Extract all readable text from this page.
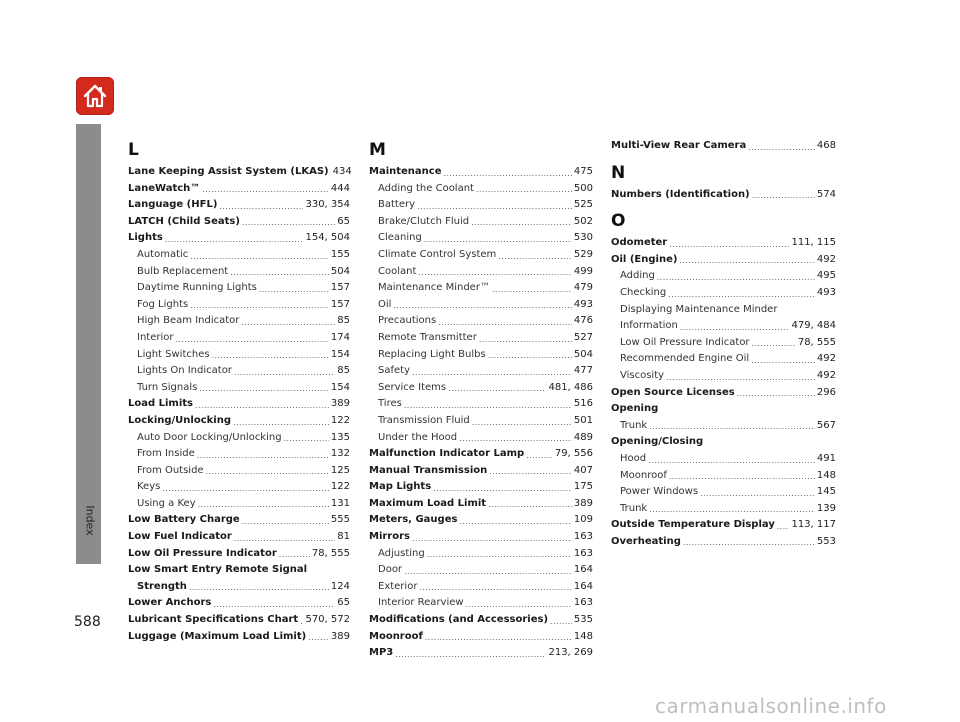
Index
L
Lane Keeping Assist System (LKAS) 434
LaneWatch™ .....	444
Language (HFL) .....	330, 354
LATCH (Child Seats) .....	65
Lights .....	154, 504
Automatic .....	155
Bulb Replacement .....	504
Daytime Running Lights .....	157
Fog Lights .....	157
High Beam Indicator .....	85
Interior .....	174
Light Switches .....	154
Lights On Indicator .....	85
Turn Signals .....	154
Load Limits .....	389
Locking/Unlocking .....	122
Auto Door Locking/Unlocking .....	135
From Inside .....	132
From Outside .....	125
Keys .....	122
Using a Key .....	131
Low Battery Charge .....	555
Low Fuel Indicator .....	81
Low Oil Pressure Indicator .....	78, 555
Low Smart Entry Remote Signal
Strength .....	124
Lower Anchors .....	65
Lubricant Specifications Chart ..... 570, 572
Luggage (Maximum Load Limit) ..... 389
M
Maintenance .....	475
Adding the Coolant .....	500
Battery .....	525
Brake/Clutch Fluid .....	502
Cleaning .....	530
Climate Control System .....	529
Coolant .....	499
Maintenance Minder™ .....	479
Oil .....	493
Precautions .....	476
Remote Transmitter .....	527
Replacing Light Bulbs .....	504
Safety .....	477
Service Items .....	481, 486
Tires .....	516
Transmission Fluid .....	501
Under the Hood .....	489
Malfunction Indicator Lamp .....	79, 556
Manual Transmission .....	407
Map Lights .....	175
Maximum Load Limit .....	389
Meters, Gauges .....	109
Mirrors .....	163
Adjusting .....	163
Door .....	164
Exterior .....	164
Interior Rearview .....	163
Modifications (and Accessories) .....	535
Moonroof .....	148
MP3 .....	213, 269
Multi-View Rear Camera .....	468
N
Numbers (Identification) .....	574
O
Odometer .....	111, 115
Oil (Engine) .....	492
Adding .....	495
Checking .....	493
Displaying Maintenance Minder
Information .....	479, 484
Low Oil Pressure Indicator .....	78, 555
Recommended Engine Oil .....	492
Viscosity .....	492
Open Source Licenses .....	296
Opening
Trunk .....	567
Opening/Closing
Hood .....	491
Moonroof .....	148
Power Windows .....	145
Trunk .....	139
Outside Temperature Display ..... 113, 117
Overheating .....	553
588
carmanualsonline.info
